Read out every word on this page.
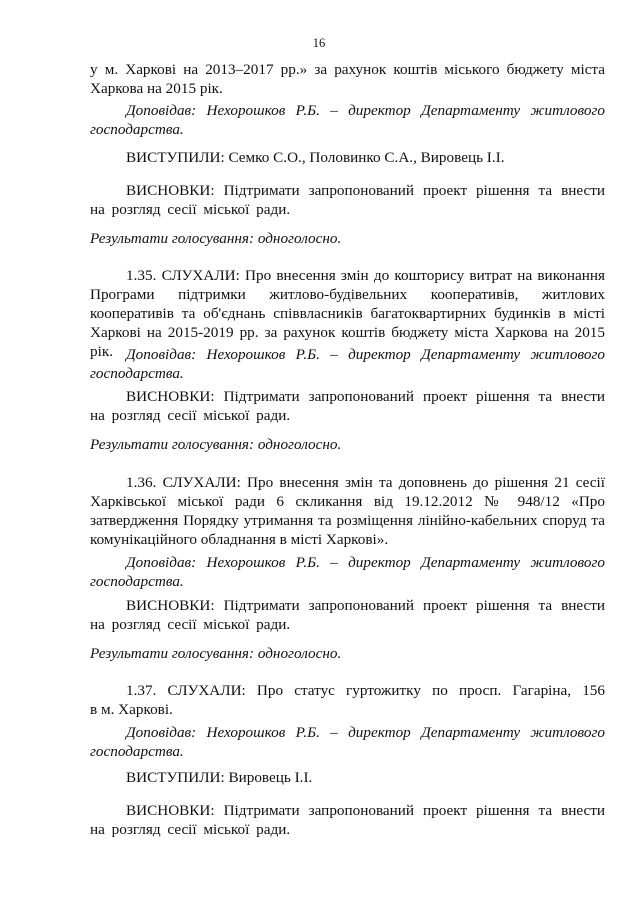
16

у м. Харкові на 2013–2017 рр.» за рахунок коштів міського бюджету міста Харкова на 2015 рік.

Доповідав: Нехорошков Р.Б. – директор Департаменту житлового господарства.

ВИСТУПИЛИ: Семко С.О., Половинко С.А., Вировець І.І.

ВИСНОВКИ: Підтримати запропонований проект рішення та внести на розгляд сесії міської ради.

Результати голосування: одноголосно.

1.35. СЛУХАЛИ: Про внесення змін до кошторису витрат на виконання Програми підтримки житлово-будівельних кооперативів, житлових кооперативів та об'єднань співвласників багатоквартирних будинків в місті Харкові на 2015-2019 рр. за рахунок коштів бюджету міста Харкова на 2015 рік. Доповідав: Нехорошков Р.Б. – директор Департаменту житлового господарства.

ВИСНОВКИ: Підтримати запропонований проект рішення та внести на розгляд сесії міської ради.

Результати голосування: одноголосно.

1.36. СЛУХАЛИ: Про внесення змін та доповнень до рішення 21 сесії Харківської міської ради 6 скликання від 19.12.2012 № 948/12 «Про затвердження Порядку утримання та розміщення лінійно-кабельних споруд та комунікаційного обладнання в місті Харкові».

Доповідав: Нехорошков Р.Б. – директор Департаменту житлового господарства.

ВИСНОВКИ: Підтримати запропонований проект рішення та внести на розгляд сесії міської ради.

Результати голосування: одноголосно.

1.37. СЛУХАЛИ: Про статус гуртожитку по просп. Гагаріна, 156

в м. Харкові.

Доповідав: Нехорошков Р.Б. – директор Департаменту житлового господарства.

ВИСТУПИЛИ: Вировець І.І.

ВИСНОВКИ: Підтримати запропонований проект рішення та внести на розгляд сесії міської ради.
